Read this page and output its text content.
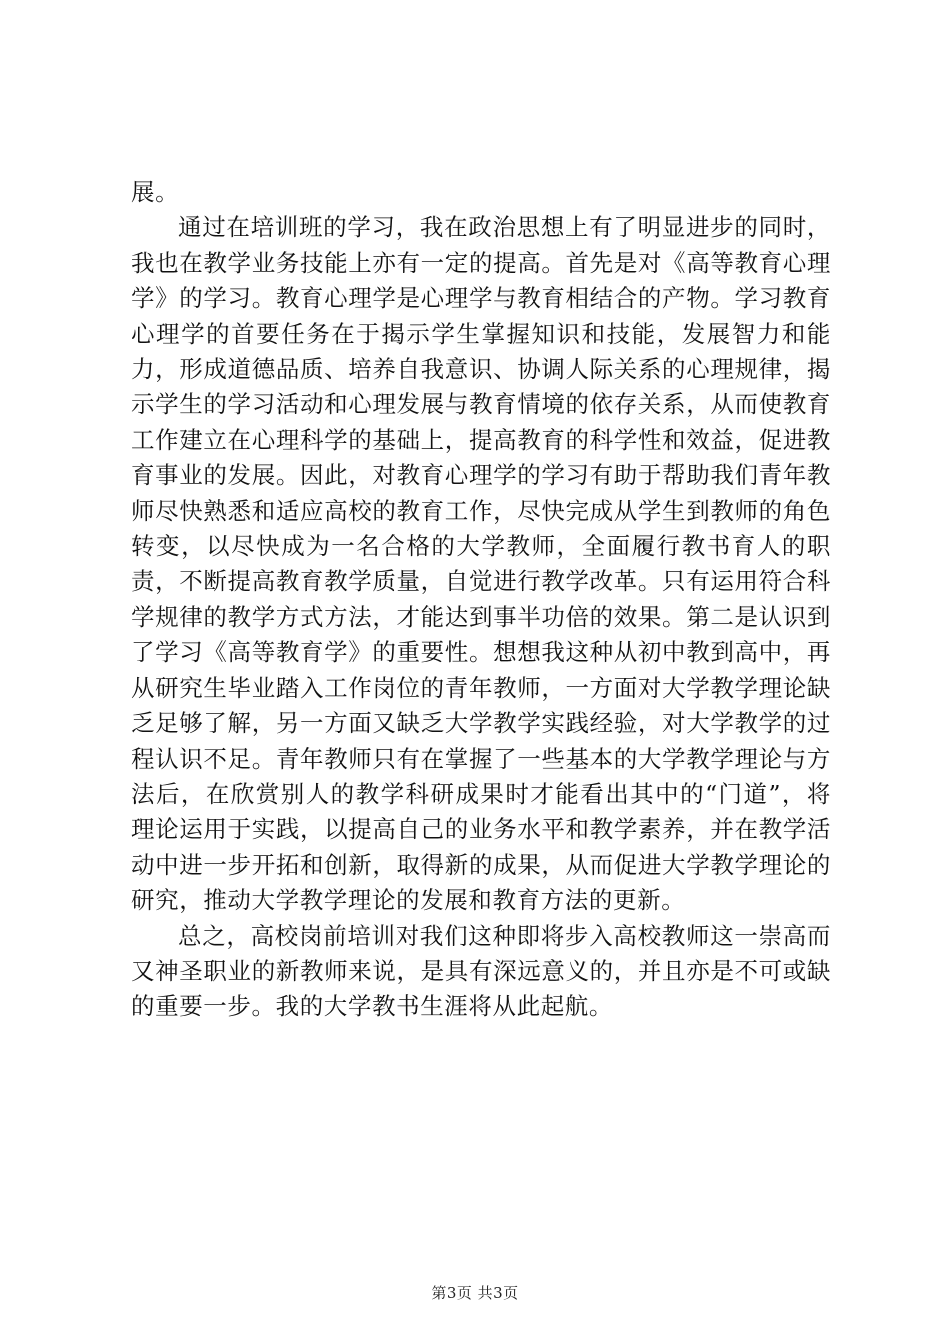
展。

通过在培训班的学习，我在政治思想上有了明显进步的同时，我也在教学业务技能上亦有一定的提高。首先是对《高等教育心理学》的学习。教育心理学是心理学与教育相结合的产物。学习教育心理学的首要任务在于揭示学生掌握知识和技能，发展智力和能力，形成道德品质、培养自我意识、协调人际关系的心理规律，揭示学生的学习活动和心理发展与教育情境的依存关系，从而使教育工作建立在心理科学的基础上，提高教育的科学性和效益，促进教育事业的发展。因此，对教育心理学的学习有助于帮助我们青年教师尽快熟悉和适应高校的教育工作，尽快完成从学生到教师的角色转变，以尽快成为一名合格的大学教师，全面履行教书育人的职责，不断提高教育教学质量，自觉进行教学改革。只有运用符合科学规律的教学方式方法，才能达到事半功倍的效果。第二是认识到了学习《高等教育学》的重要性。想想我这种从初中教到高中，再从研究生毕业踏入工作岗位的青年教师，一方面对大学教学理论缺乏足够了解，另一方面又缺乏大学教学实践经验，对大学教学的过程认识不足。青年教师只有在掌握了一些基本的大学教学理论与方法后，在欣赏别人的教学科研成果时才能看出其中的“门道”，将理论运用于实践，以提高自己的业务水平和教学素养，并在教学活动中进一步开拓和创新，取得新的成果，从而促进大学教学理论的研究，推动大学教学理论的发展和教育方法的更新。

总之，高校岗前培训对我们这种即将步入高校教师这一崇高而又神圣职业的新教师来说，是具有深远意义的，并且亦是不可或缺的重要一步。我的大学教书生涯将从此起航。

第3页 共3页
